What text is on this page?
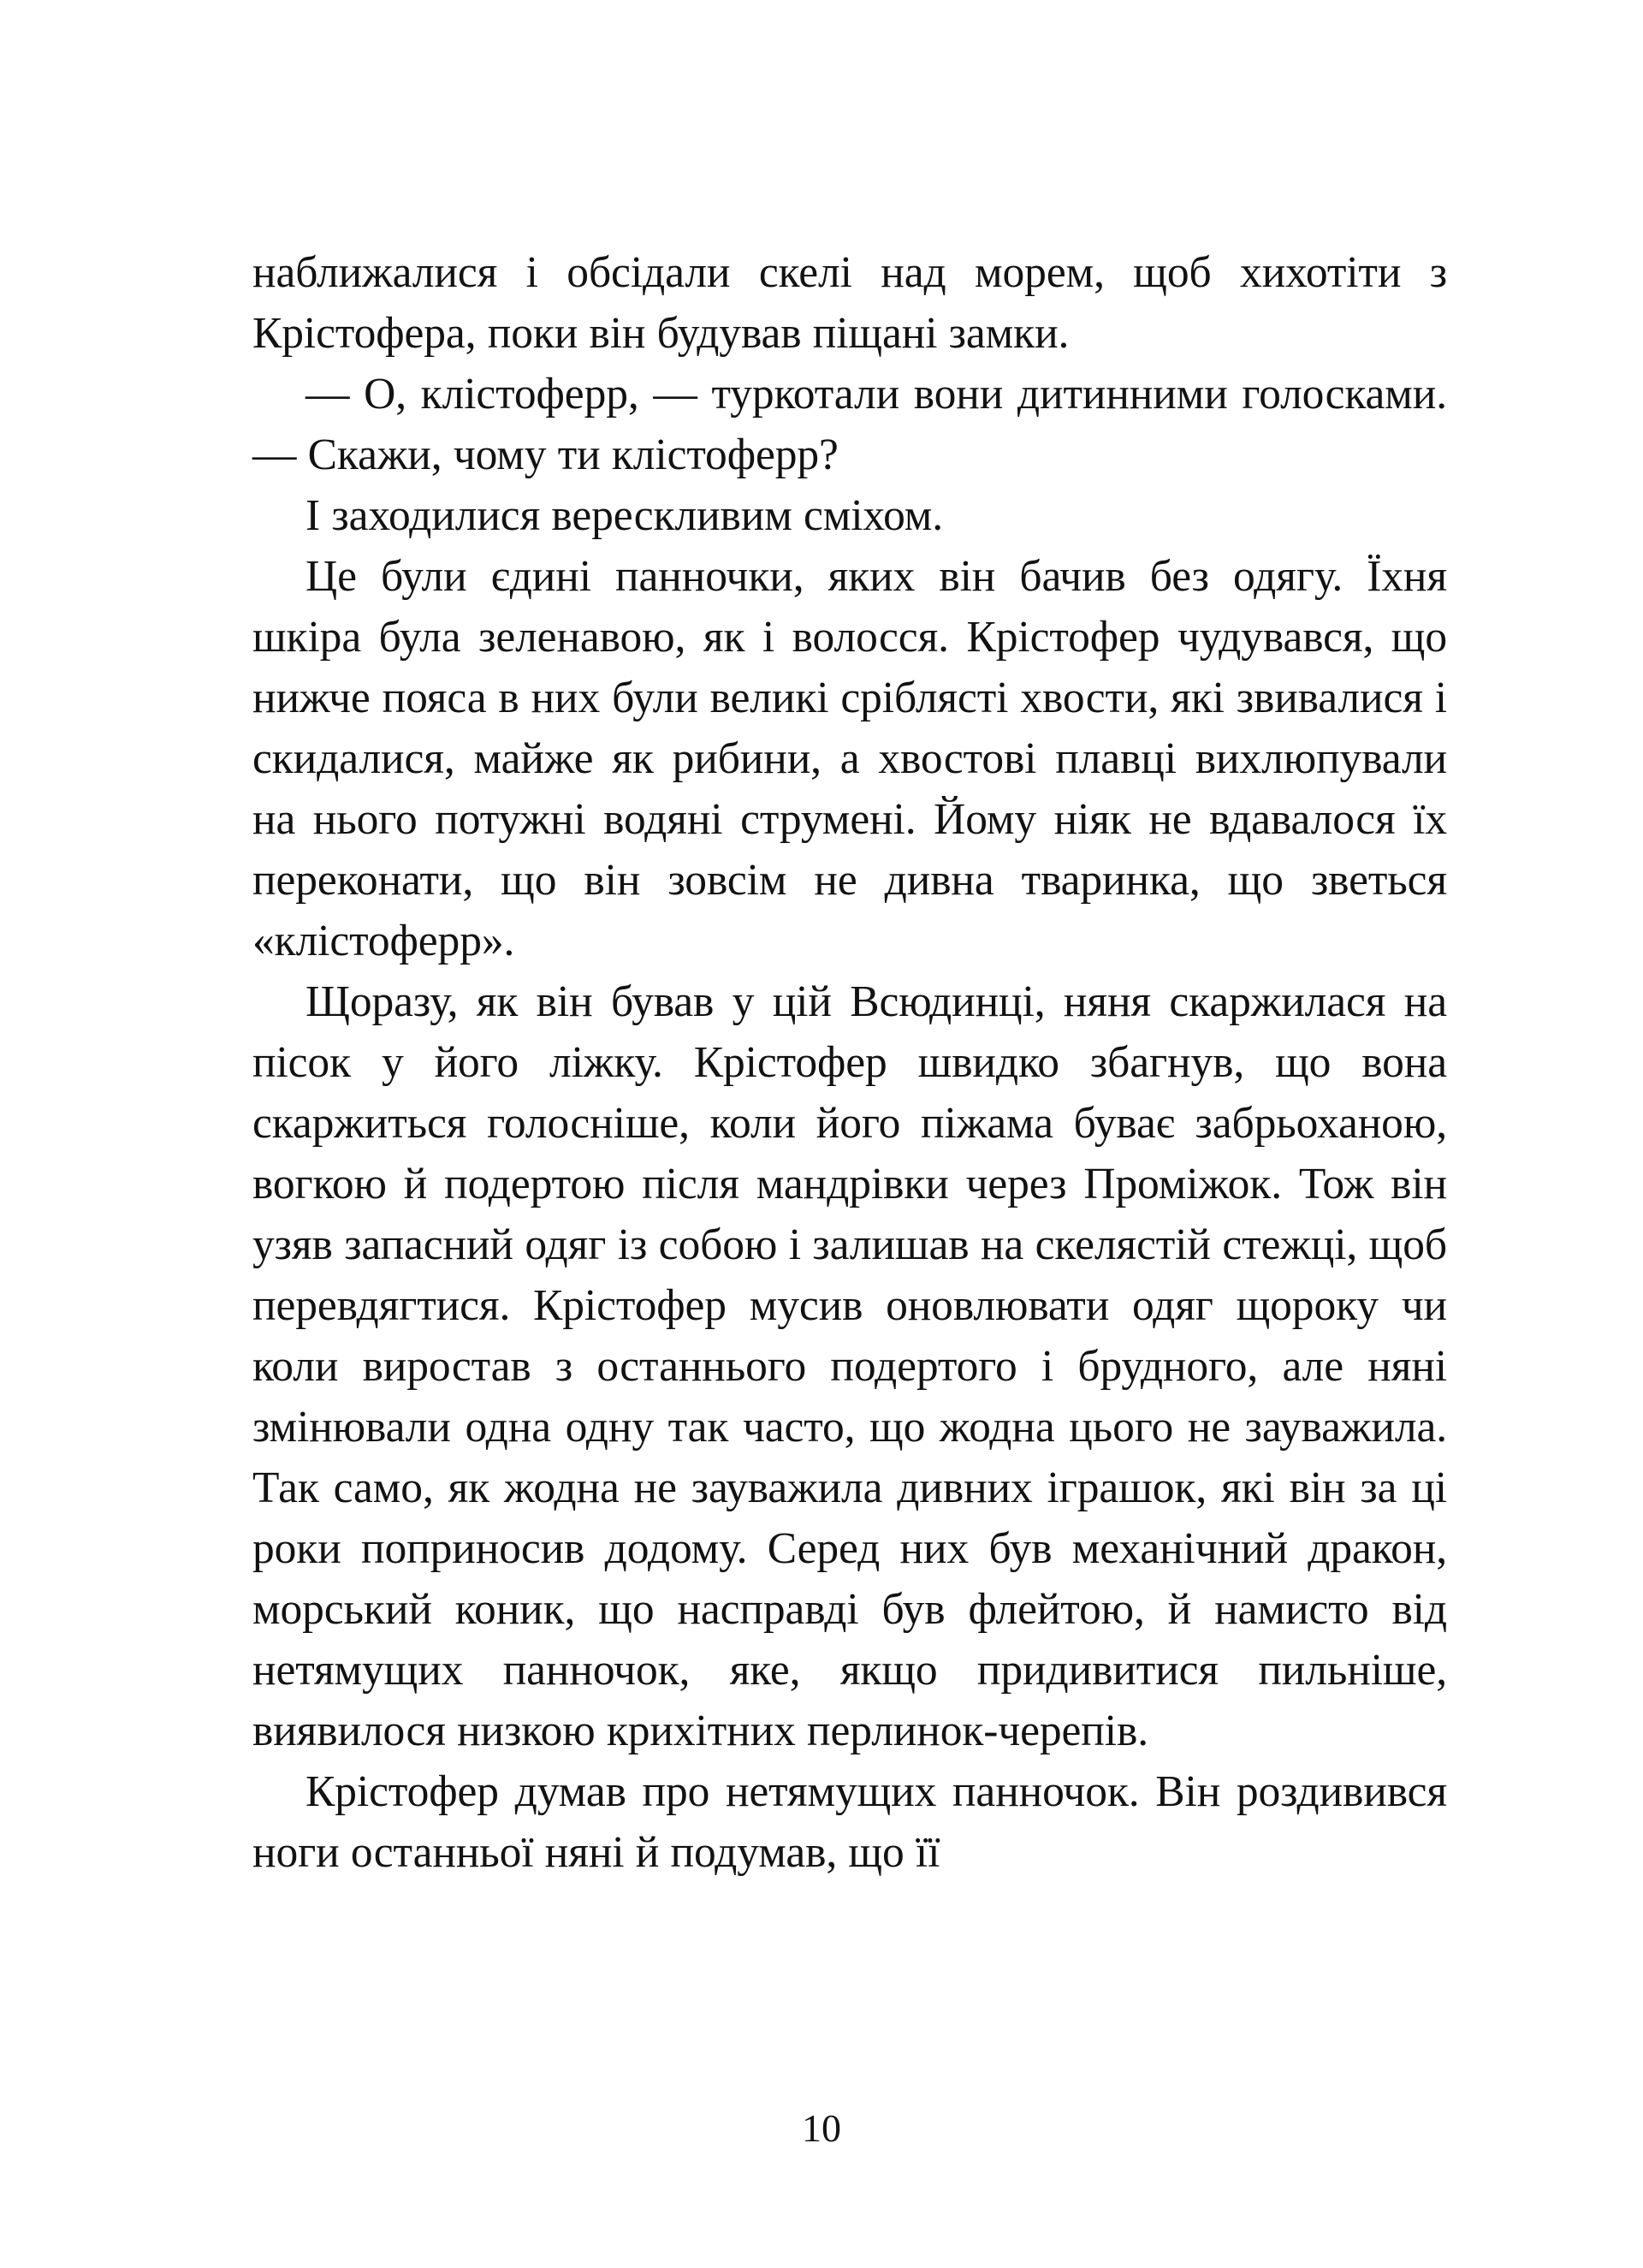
наближалися і обсідали скелі над морем, щоб хихотіти з Крістофера, поки він будував піщані замки.

— О, клістоферр, — туркотали вони дитинними голосками. — Скажи, чому ти клістоферр?

І заходилися верескливим сміхом.

Це були єдині панночки, яких він бачив без одягу. Їхня шкіра була зеленавою, як і волосся. Крістофер чудувався, що нижче пояса в них були великі сріблясті хвости, які звивалися і скидалися, майже як рибини, а хвостові плавці вихлюпували на нього потужні водяні струмені. Йому ніяк не вдавалося їх переконати, що він зовсім не дивна тваринка, що зветься «клістоферр».

Щоразу, як він бував у цій Всюдинці, няня скаржилася на пісок у його ліжку. Крістофер швидко збагнув, що вона скаржиться голосніше, коли його піжама буває забрьоханою, вогкою й подертою після мандрівки через Проміжок. Тож він узяв запасний одяг із собою і залишав на скелястій стежці, щоб перевдягтися. Крістофер мусив оновлювати одяг щороку чи коли виростав з останнього подертого і брудного, але няні змінювали одна одну так часто, що жодна цього не зауважила. Так само, як жодна не зауважила дивних іграшок, які він за ці роки попринoсив додому. Серед них був механічний дракон, морський коник, що насправді був флейтою, й намисто від нетямущих панночок, яке, якщо придивитися пильніше, виявилося низкою крихітних перлинок-черепів.

Крістофер думав про нетямущих панночок. Він роздивився ноги останньої няні й подумав, що її

10
